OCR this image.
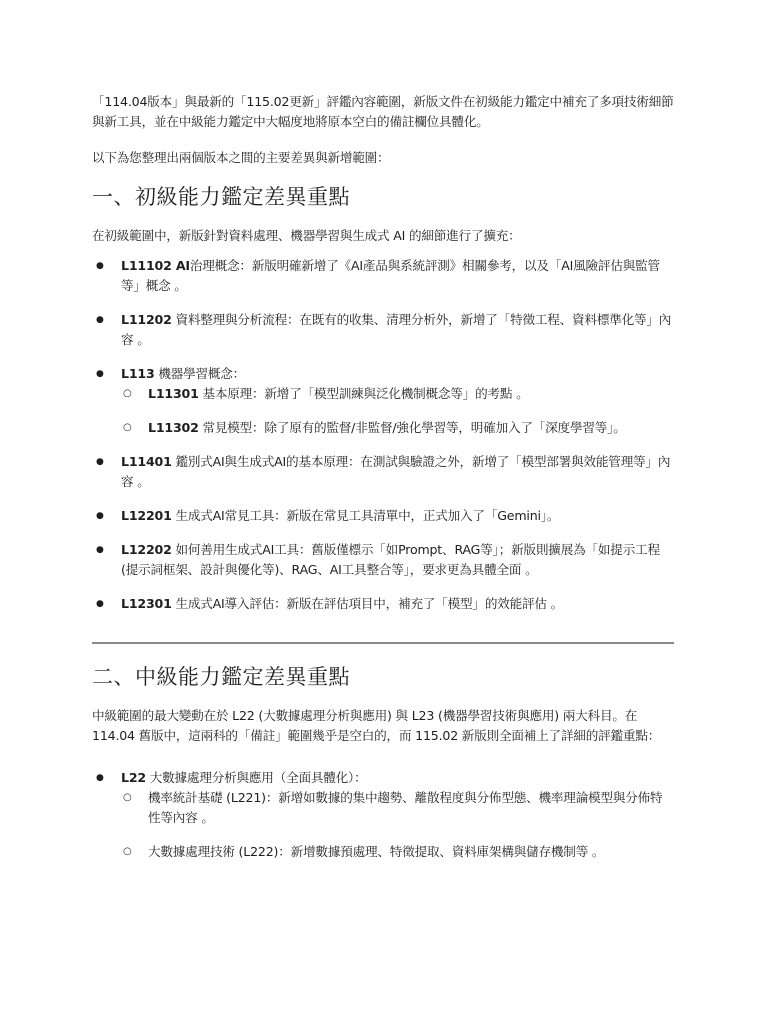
「114.04版本」與最新的「115.02更新」評鑑內容範圍，新版文件在初級能力鑑定中補充了多項技術細節與新工具，並在中級能力鑑定中大幅度地將原本空白的備註欄位具體化。

以下為您整理出兩個版本之間的主要差異與新增範圍：

一、初級能力鑑定差異重點

在初級範圍中，新版針對資料處理、機器學習與生成式 AI 的細節進行了擴充：

● L11102 AI治理概念：新版明確新增了《AI產品與系統評測》相關參考，以及「AI風險評估與監管等」概念 。
● L11202 資料整理與分析流程：在既有的收集、清理分析外，新增了「特徵工程、資料標準化等」內容 。
● L113 機器學習概念：
○ L11301 基本原理：新增了「模型訓練與泛化機制概念等」的考點 。
○ L11302 常見模型：除了原有的監督/非監督/強化學習等，明確加入了「深度學習等」。
● L11401 鑑別式AI與生成式AI的基本原理：在測試與驗證之外，新增了「模型部署與效能管理等」內容 。
● L12201 生成式AI常見工具：新版在常見工具清單中，正式加入了「Gemini」。
● L12202 如何善用生成式AI工具：舊版僅標示「如Prompt、RAG等」；新版則擴展為「如提示工程(提示詞框架、設計與優化等)、RAG、AI工具整合等」，要求更為具體全面 。
● L12301 生成式AI導入評估：新版在評估項目中，補充了「模型」的效能評估 。
二、中級能力鑑定差異重點

中級範圍的最大變動在於 L22 (大數據處理分析與應用) 與 L23 (機器學習技術與應用) 兩大科目。在 114.04 舊版中，這兩科的「備註」範圍幾乎是空白的，而 115.02 新版則全面補上了詳細的評鑑重點：

● L22 大數據處理分析與應用（全面具體化）：
○ 機率統計基礎 (L221)：新增如數據的集中趨勢、離散程度與分佈型態、機率理論模型與分佈特性等內容 。
○ 大數據處理技術 (L222)：新增數據預處理、特徵提取、資料庫架構與儲存機制等 。
